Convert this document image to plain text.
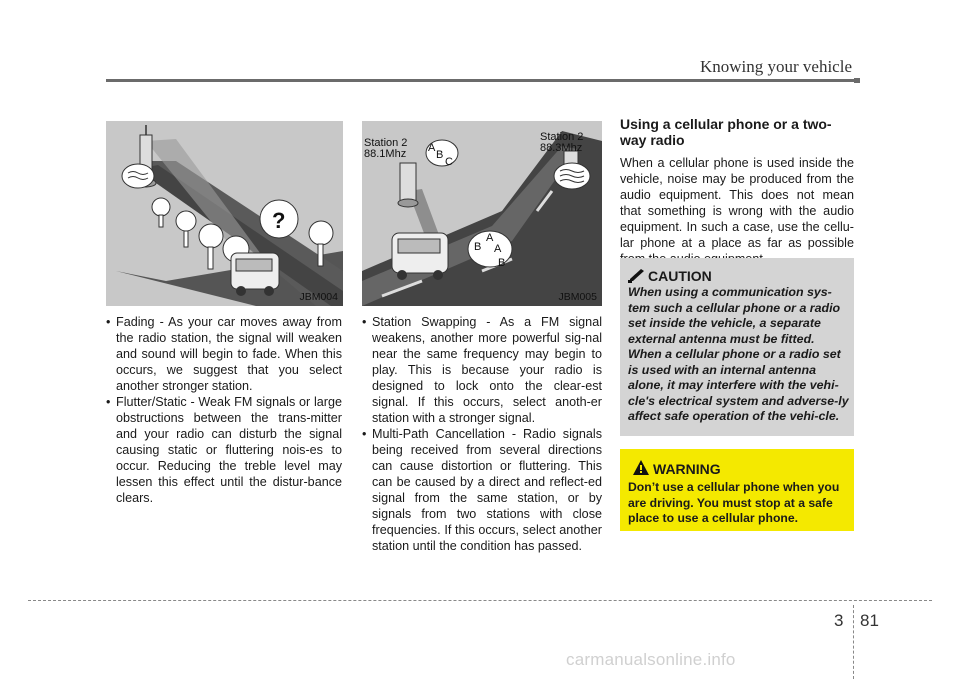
Knowing your vehicle
?
JBM004
A
B
C
A
B A
B
Station 2
88.1Mhz
Station 2
88.3Mhz
JBM005
• Fading - As your car moves away from the radio station, the signal will weaken and sound will begin to fade. When this occurs, we suggest that you select another stronger station.
• Flutter/Static - Weak FM signals or large obstructions between the trans-mitter and your radio can disturb the signal causing static or fluttering nois-es to occur. Reducing the treble level may lessen this effect until the distur-bance clears.
• Station Swapping - As a FM signal weakens, another more powerful sig-nal near the same frequency may begin to play. This is because your radio is designed to lock onto the clear-est signal. If this occurs, select anoth-er station with a stronger signal.
• Multi-Path Cancellation - Radio signals being received from several directions can cause distortion or fluttering. This can be caused by a direct and reflect-ed signal from the same station, or by signals from two stations with close frequencies. If this occurs, select another station until the condition has passed.
Using a cellular phone or a two-way radio

When a cellular phone is used inside the vehicle, noise may be produced from the audio equipment. This does not mean that something is wrong with the audio equipment. In such a case, use the cellu-lar phone at a place as far as possible

CAUTION
When using a communication sys-tem such a cellular phone or a radio set inside the vehicle, a separate external antenna must be fitted. When a cellular phone or a radio set is used with an internal antenna alone, it may interfere with the vehi-cle's electrical system and adverse-ly affect safe operation of the vehi-cle.
WARNING
Don’t use a cellular phone when you are driving. You must stop at a safe place to use a cellular phone.
3 81
carmanualsonline.info
